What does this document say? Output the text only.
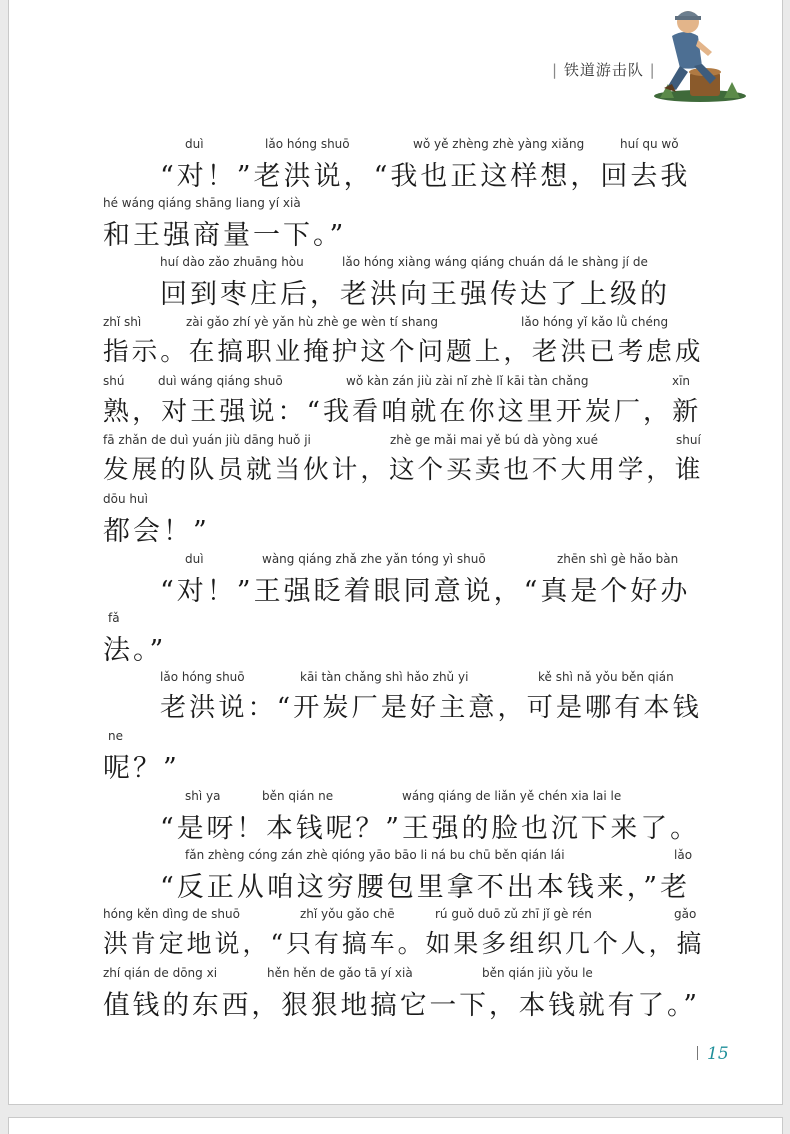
| 铁道游击队 |
duì	lǎo hóng shuō	wǒ yě zhèng zhè yàng xiǎng	huí qu wǒ
“对！”老洪说，“我也正这样想，回去我
hé wáng qiáng shāng liang yí xià
和王强商量一下。”
huí dào zǎo zhuāng hòu	lǎo hóng xiàng wáng qiáng chuán dá le shàng jí de
回到枣庄后，老洪向王强传达了上级的
zhǐ shì	zài gǎo zhí yè yǎn hù zhè ge wèn tí shang	lǎo hóng yǐ kǎo lǜ chéng
指示。在搞职业掩护这个问题上，老洪已考虑成
shú	duì wáng qiáng shuō	wǒ kàn zán jiù zài nǐ zhè lǐ kāi tàn chǎng	xīn
熟，对王强说：“我看咱就在你这里开炭厂，新
fā zhǎn de duì yuán jiù dāng huǒ ji	zhè ge mǎi mai yě bú dà yòng xué	shuí
发展的队员就当伙计，这个买卖也不大用学，谁
dōu huì
都会！”
duì	wàng qiáng zhǎ zhe yǎn tóng yì shuō	zhēn shì gè hǎo bàn
“对！”王强眨着眼同意说，“真是个好办
fǎ
法。”
lǎo hóng shuō	kāi tàn chǎng shì hǎo zhǔ yi	kě shì nǎ yǒu běn qián
老洪说：“开炭厂是好主意，可是哪有本钱
ne
呢？”
shì ya	běn qián ne	wáng qiáng de liǎn yě chén xia lai le
“是呀！本钱呢？”王强的脸也沉下来了。
fǎn zhèng cóng zán zhè qióng yāo bāo li ná bu chū běn qián lái	lǎo
“反正从咱这穷腰包里拿不出本钱来，”老
hóng kěn dìng de shuō	zhǐ yǒu gǎo chē	rú guǒ duō zǔ zhī jǐ gè rén	gǎo
洪肯定地说，“只有搞车。如果多组织几个人，搞
zhí qián de dōng xi	hěn hěn de gǎo tā yí xià	běn qián jiù yǒu le
值钱的东西，狠狠地搞它一下，本钱就有了。”
15
